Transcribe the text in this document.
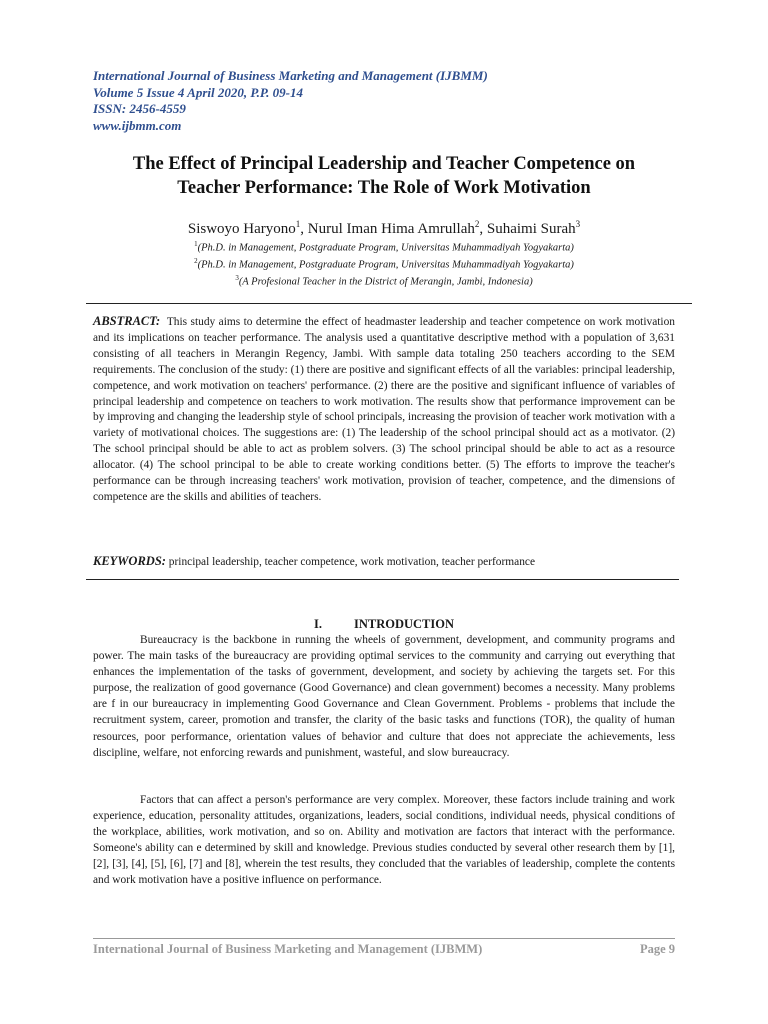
International Journal of Business Marketing and Management (IJBMM)
Volume 5 Issue 4 April 2020, P.P. 09-14
ISSN: 2456-4559
www.ijbmm.com
The Effect of Principal Leadership and Teacher Competence on
Teacher Performance: The Role of Work Motivation
Siswoyo Haryono$^1$, Nurul Iman Hima Amrullah$^2$, Suhaimi Surah$^3$
$^1$(Ph.D. in Management, Postgraduate Program, Universitas Muhammadiyah Yogyakarta)
$^2$(Ph.D. in Management, Postgraduate Program, Universitas Muhammadiyah Yogyakarta)
$^3$(A Profesional Teacher in the District of Merangin, Jambi, Indonesia)
ABSTRACT: This study aims to determine the effect of headmaster leadership and teacher competence on work motivation and its implications on teacher performance. The analysis used a quantitative descriptive method with a population of 3,631 consisting of all teachers in Merangin Regency, Jambi. With sample data totaling 250 teachers according to the SEM requirements. The conclusion of the study: (1) there are positive and significant effects of all the variables: principal leadership, competence, and work motivation on teachers' performance. (2) there are the positive and significant influence of variables of principal leadership and competence on teachers to work motivation. The results show that performance improvement can be by improving and changing the leadership style of school principals, increasing the provision of teacher work motivation with a variety of motivational choices. The suggestions are: (1) The leadership of the school principal should act as a motivator. (2) The school principal should be able to act as problem solvers. (3) The school principal should be able to act as a resource allocator. (4) The school principal to be able to create working conditions better. (5) The efforts to improve the teacher's performance can be through increasing teachers' work motivation, provision of teacher, competence, and the dimensions of competence are the skills and abilities of teachers.
KEYWORDS: principal leadership, teacher competence, work motivation, teacher performance
I.	INTRODUCTION
Bureaucracy is the backbone in running the wheels of government, development, and community programs and power. The main tasks of the bureaucracy are providing optimal services to the community and carrying out everything that enhances the implementation of the tasks of government, development, and society by achieving the targets set. For this purpose, the realization of good governance (Good Governance) and clean government) becomes a necessity. Many problems are f in our bureaucracy in implementing Good Governance and Clean Government. Problems - problems that include the recruitment system, career, promotion and transfer, the clarity of the basic tasks and functions (TOR), the quality of human resources, poor performance, orientation values of behavior and culture that does not appreciate the achievements, less discipline, welfare, not enforcing rewards and punishment, wasteful, and slow bureaucracy.
Factors that can affect a person's performance are very complex. Moreover, these factors include training and work experience, education, personality attitudes, organizations, leaders, social conditions, individual needs, physical conditions of the workplace, abilities, work motivation, and so on. Ability and motivation are factors that interact with the performance. Someone's ability can e determined by skill and knowledge. Previous studies conducted by several other research them by [1], [2], [3], [4], [5], [6], [7] and [8], wherein the test results, they concluded that the variables of leadership, complete the contents and work motivation have a positive influence on performance.
International Journal of Business Marketing and Management (IJBMM)	Page 9
